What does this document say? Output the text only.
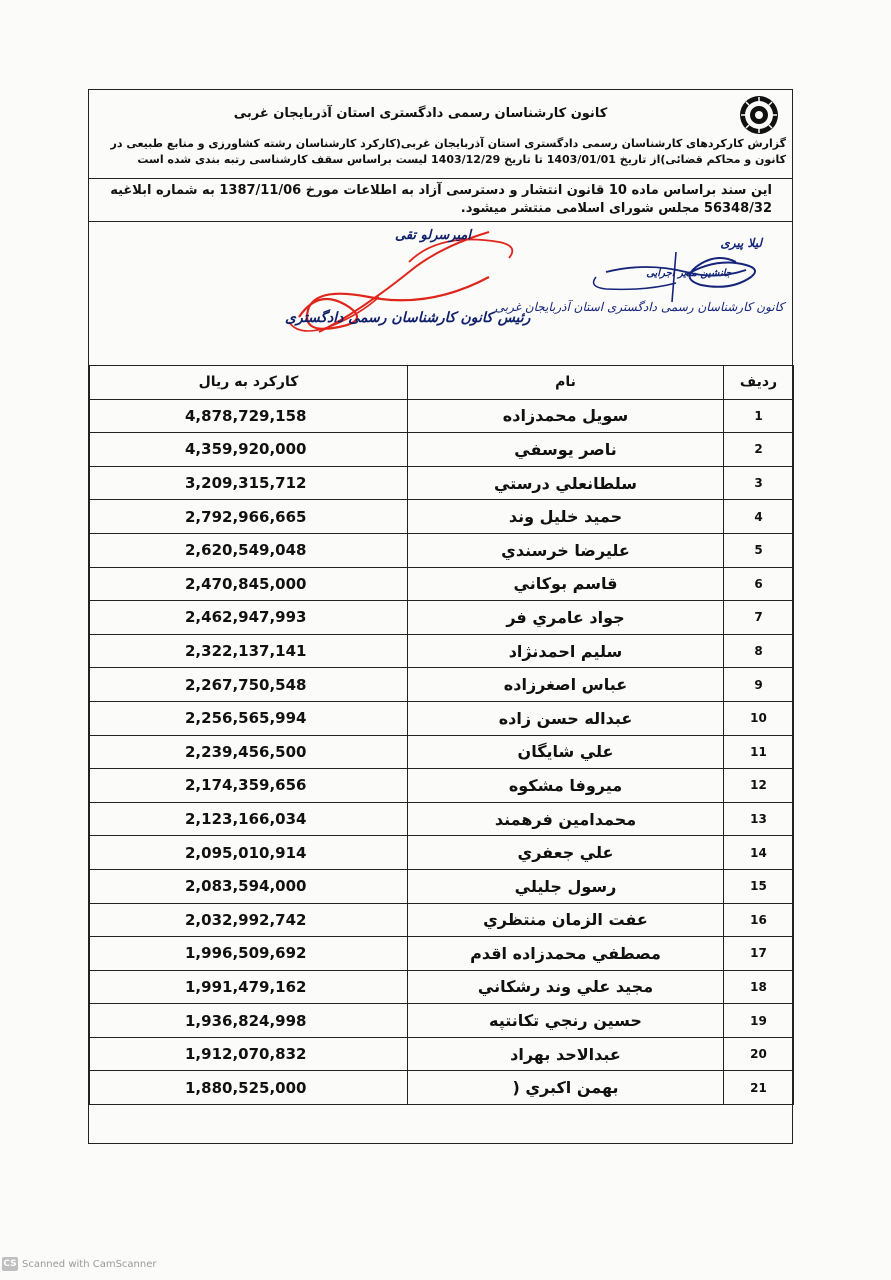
کانون کارشناسان رسمی دادگستری استان آذربایجان غربی
گزارش کارکردهای کارشناسان رسمی دادگستری استان آذربایجان غربی(کارکرد کارشناسان رشته کشاورزی و منابع طبیعی در کانون و محاکم قضائی)از تاریخ 1403/01/01 تا تاریخ 1403/12/29 لیست براساس سقف کارشناسی رتبه بندی شده است
این سند براساس ماده 10 قانون انتشار و دسترسی آزاد به اطلاعات مورخ 1387/11/06 به شماره ابلاغیه 56348/32 مجلس شورای اسلامی منتشر میشود.
لیلا پیری
جانشین مدیر اجرایی
کانون کارشناسان رسمی دادگستری استان آذربایجان غربی
امیرسرلو تقی
رئیس کانون کارشناسان رسمی دادگستری
ردیف	نام	کارکرد به ریال
1	سويل محمدزاده	4,878,729,158
2	ناصر يوسفي	4,359,920,000
3	سلطانعلي درستي	3,209,315,712
4	حميد خليل وند	2,792,966,665
5	عليرضا خرسندي	2,620,549,048
6	قاسم بوكاني	2,470,845,000
7	جواد عامري فر	2,462,947,993
8	سليم احمدنژاد	2,322,137,141
9	عباس اصغرزاده	2,267,750,548
10	عبداله حسن زاده	2,256,565,994
11	علي شايگان	2,239,456,500
12	ميروفا مشكوه	2,174,359,656
13	محمدامين فرهمند	2,123,166,034
14	علي جعفري	2,095,010,914
15	رسول جليلي	2,083,594,000
16	عفت الزمان منتظري	2,032,992,742
17	مصطفي محمدزاده اقدم	1,996,509,692
18	مجيد علي وند رشكاني	1,991,479,162
19	حسين رنجي تكانتپه	1,936,824,998
20	عبدالاحد بهراد	1,912,070,832
21	بهمن اكبري (	1,880,525,000
CS Scanned with CamScanner
